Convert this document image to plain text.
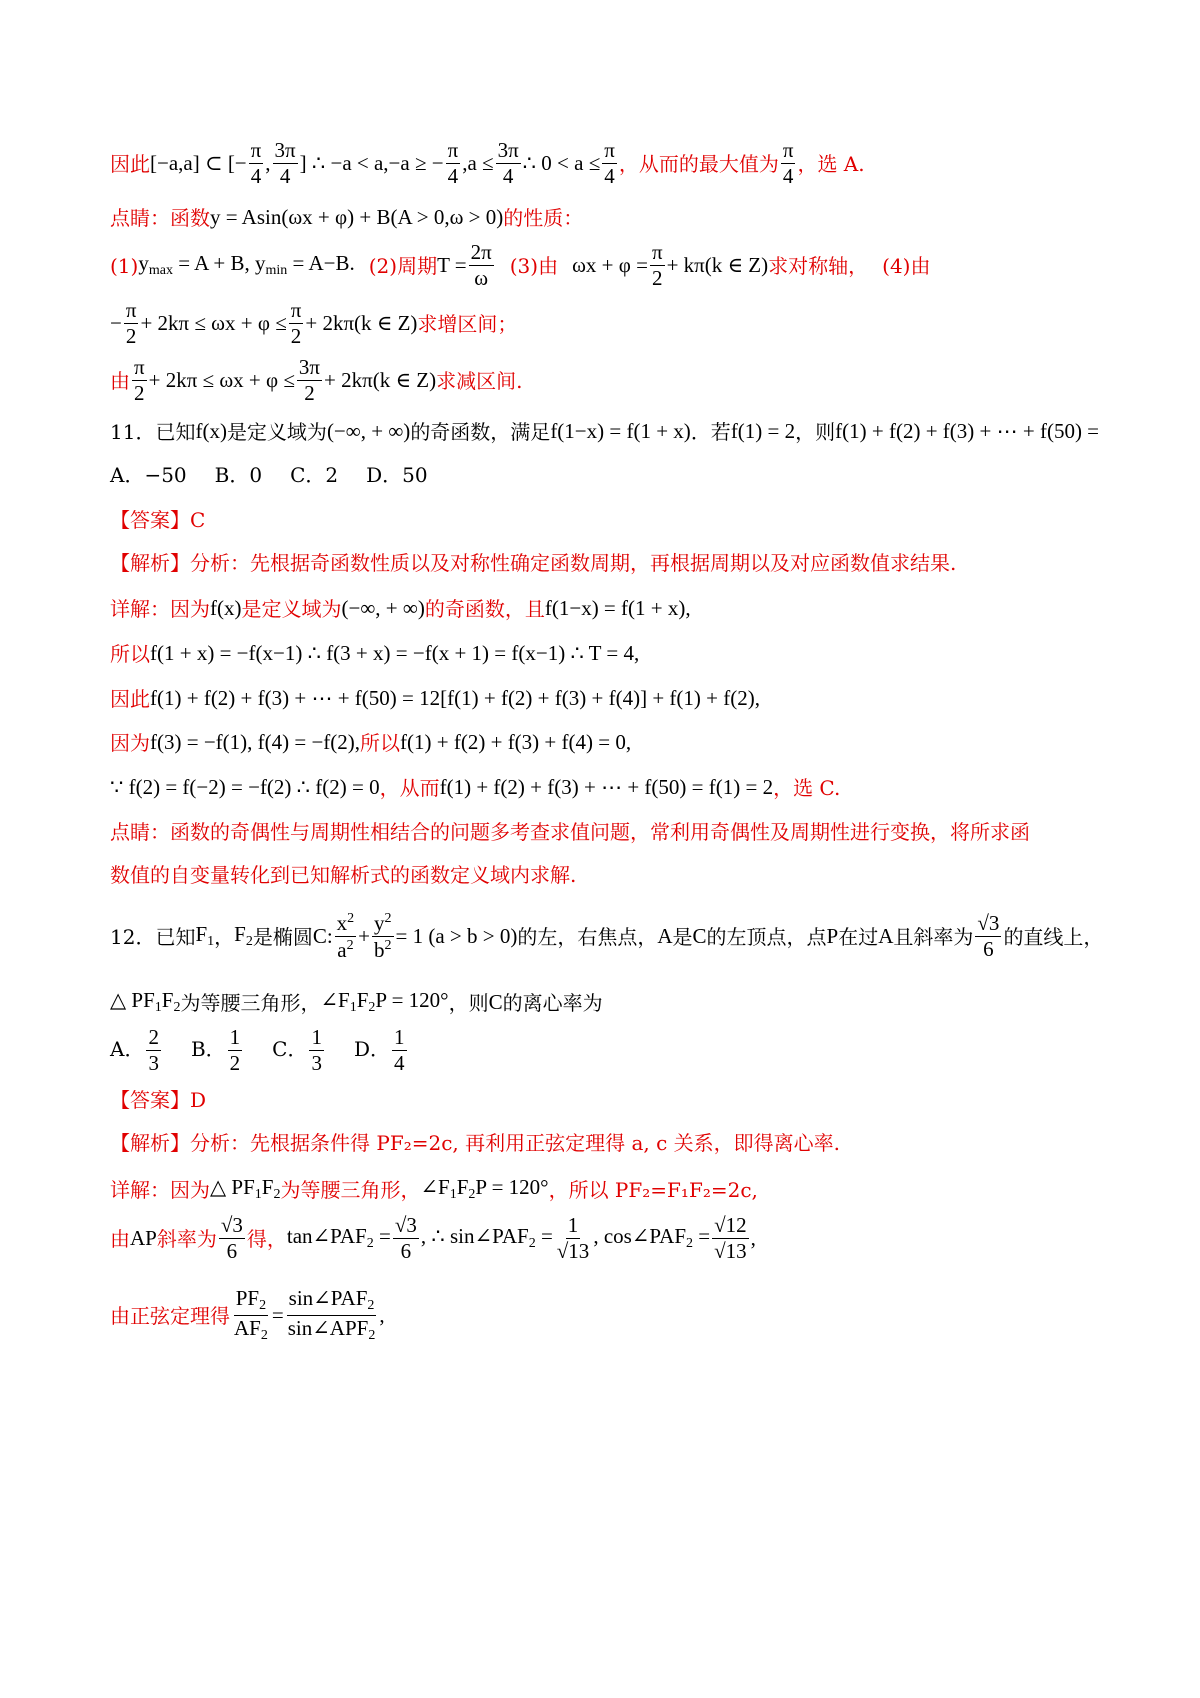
因此 [−a,a] ⊂ [− $\frac{\pi}{4}$ , $\frac{3\pi}{4}$ ] ∴ −a < a,−a ≥ − $\frac{\pi}{4} ,a \le \frac{3\pi}{4}$ ∴ $0 < a \le \frac{\pi}{4}$ ，从而的最大值为 $\frac{\pi}{4}$ ，选 A.
点睛：函数 y = Asin(ωx + φ) + B(A > 0,ω > 0) 的性质：
(1) $y_{max} = A + B$, $y_{min} = A-B$. (2)周期 $T = \frac{2\pi}{\omega} (3)$由 $\omega x + \varphi = \frac{\pi}{2} + k\pi(k$ ∈ Z) 求对称轴， (4)由
− $\frac{\pi}{2} + 2k\pi \le \omega x + \varphi \le \frac{\pi}{2} + 2k\pi(k$ ∈ Z) 求增区间；
由 $\frac{\pi}{2} + 2k\pi \le \omega x + \varphi \le \frac{3\pi}{2} + 2k\pi(k$ ∈ Z) 求减区间.
11．已知 f(x) 是定义域为 (−∞, + ∞) 的奇函数，满足 f(1−x) = f(1 + x) ．若 f(1) = 2 ，则 f(1) + f(2) + f(3) + ⋯ + f(50) =
A．−50 B．0 C．2 D．50
【答案】C
【解析】分析：先根据奇函数性质以及对称性确定函数周期，再根据周期以及对应函数值求结果.
详解：因为 f(x) 是定义域为 (−∞, + ∞) 的奇函数，且 f(1−x) = f(1 + x),
所以 f(1 + x) = −f(x−1) ∴ f(3 + x) = −f(x + 1) = f(x−1) ∴ T = 4,
因此 f(1) + f(2) + f(3) + ⋯ + f(50) = 12[f(1) + f(2) + f(3) + f(4)] + f(1) + f(2),
因为 f(3) = −f(1), f(4) = −f(2), 所以 f(1) + f(2) + f(3) + f(4) = 0,
∵ f(2) = f(−2) = −f(2) ∴ f(2) = 0 ，从而 f(1) + f(2) + f(3) + ⋯ + f(50) = f(1) = 2 ，选 C.
点睛：函数的奇偶性与周期性相结合的问题多考查求值问题，常利用奇偶性及周期性进行变换，将所求函
数值的自变量转化到已知解析式的函数定义域内求解.
12．已知 $F_1$ ， $F_2$ 是椭圆 C: $\frac{x^2}{a^2} + \frac{y^2}{b^2} = 1$ (a > b > 0) 的左，右焦点， A 是 C 的左顶点，点 P 在过 A 且斜率为 $\frac{√3}{6}$ 的直线上，
△ $PF_1F_2$ 为等腰三角形， $\angle F_1F_2P = 120^\circ$ ，则 C 的离心率为
A． $\frac{2}{3}$ B． $\frac{1}{2}$ C． $\frac{1}{3}$ D． $\frac{1}{4}$
【答案】D
【解析】分析：先根据条件得 PF₂=2c, 再利用正弦定理得 a, c 关系，即得离心率.
详解：因为 △ $PF_1F_2$ 为等腰三角形， $\angle F_1F_2P = 120^\circ$ ，所以 PF₂=F₁F₂=2c,
由 AP 斜率为 $\frac{√3}{6}$ 得， $\tan\angle PAF_2 = \frac{√3}{6}$ , ∴ $\sin\angle PAF_2 = \frac{1}{√13}$ , $\cos\angle PAF_2 = \frac{√12}{√13}$ ,
由正弦定理得 $\frac{PF_2}{AF_2} = \frac{\sin\angle PAF_2}{\sin\angle APF_2}$ ,
